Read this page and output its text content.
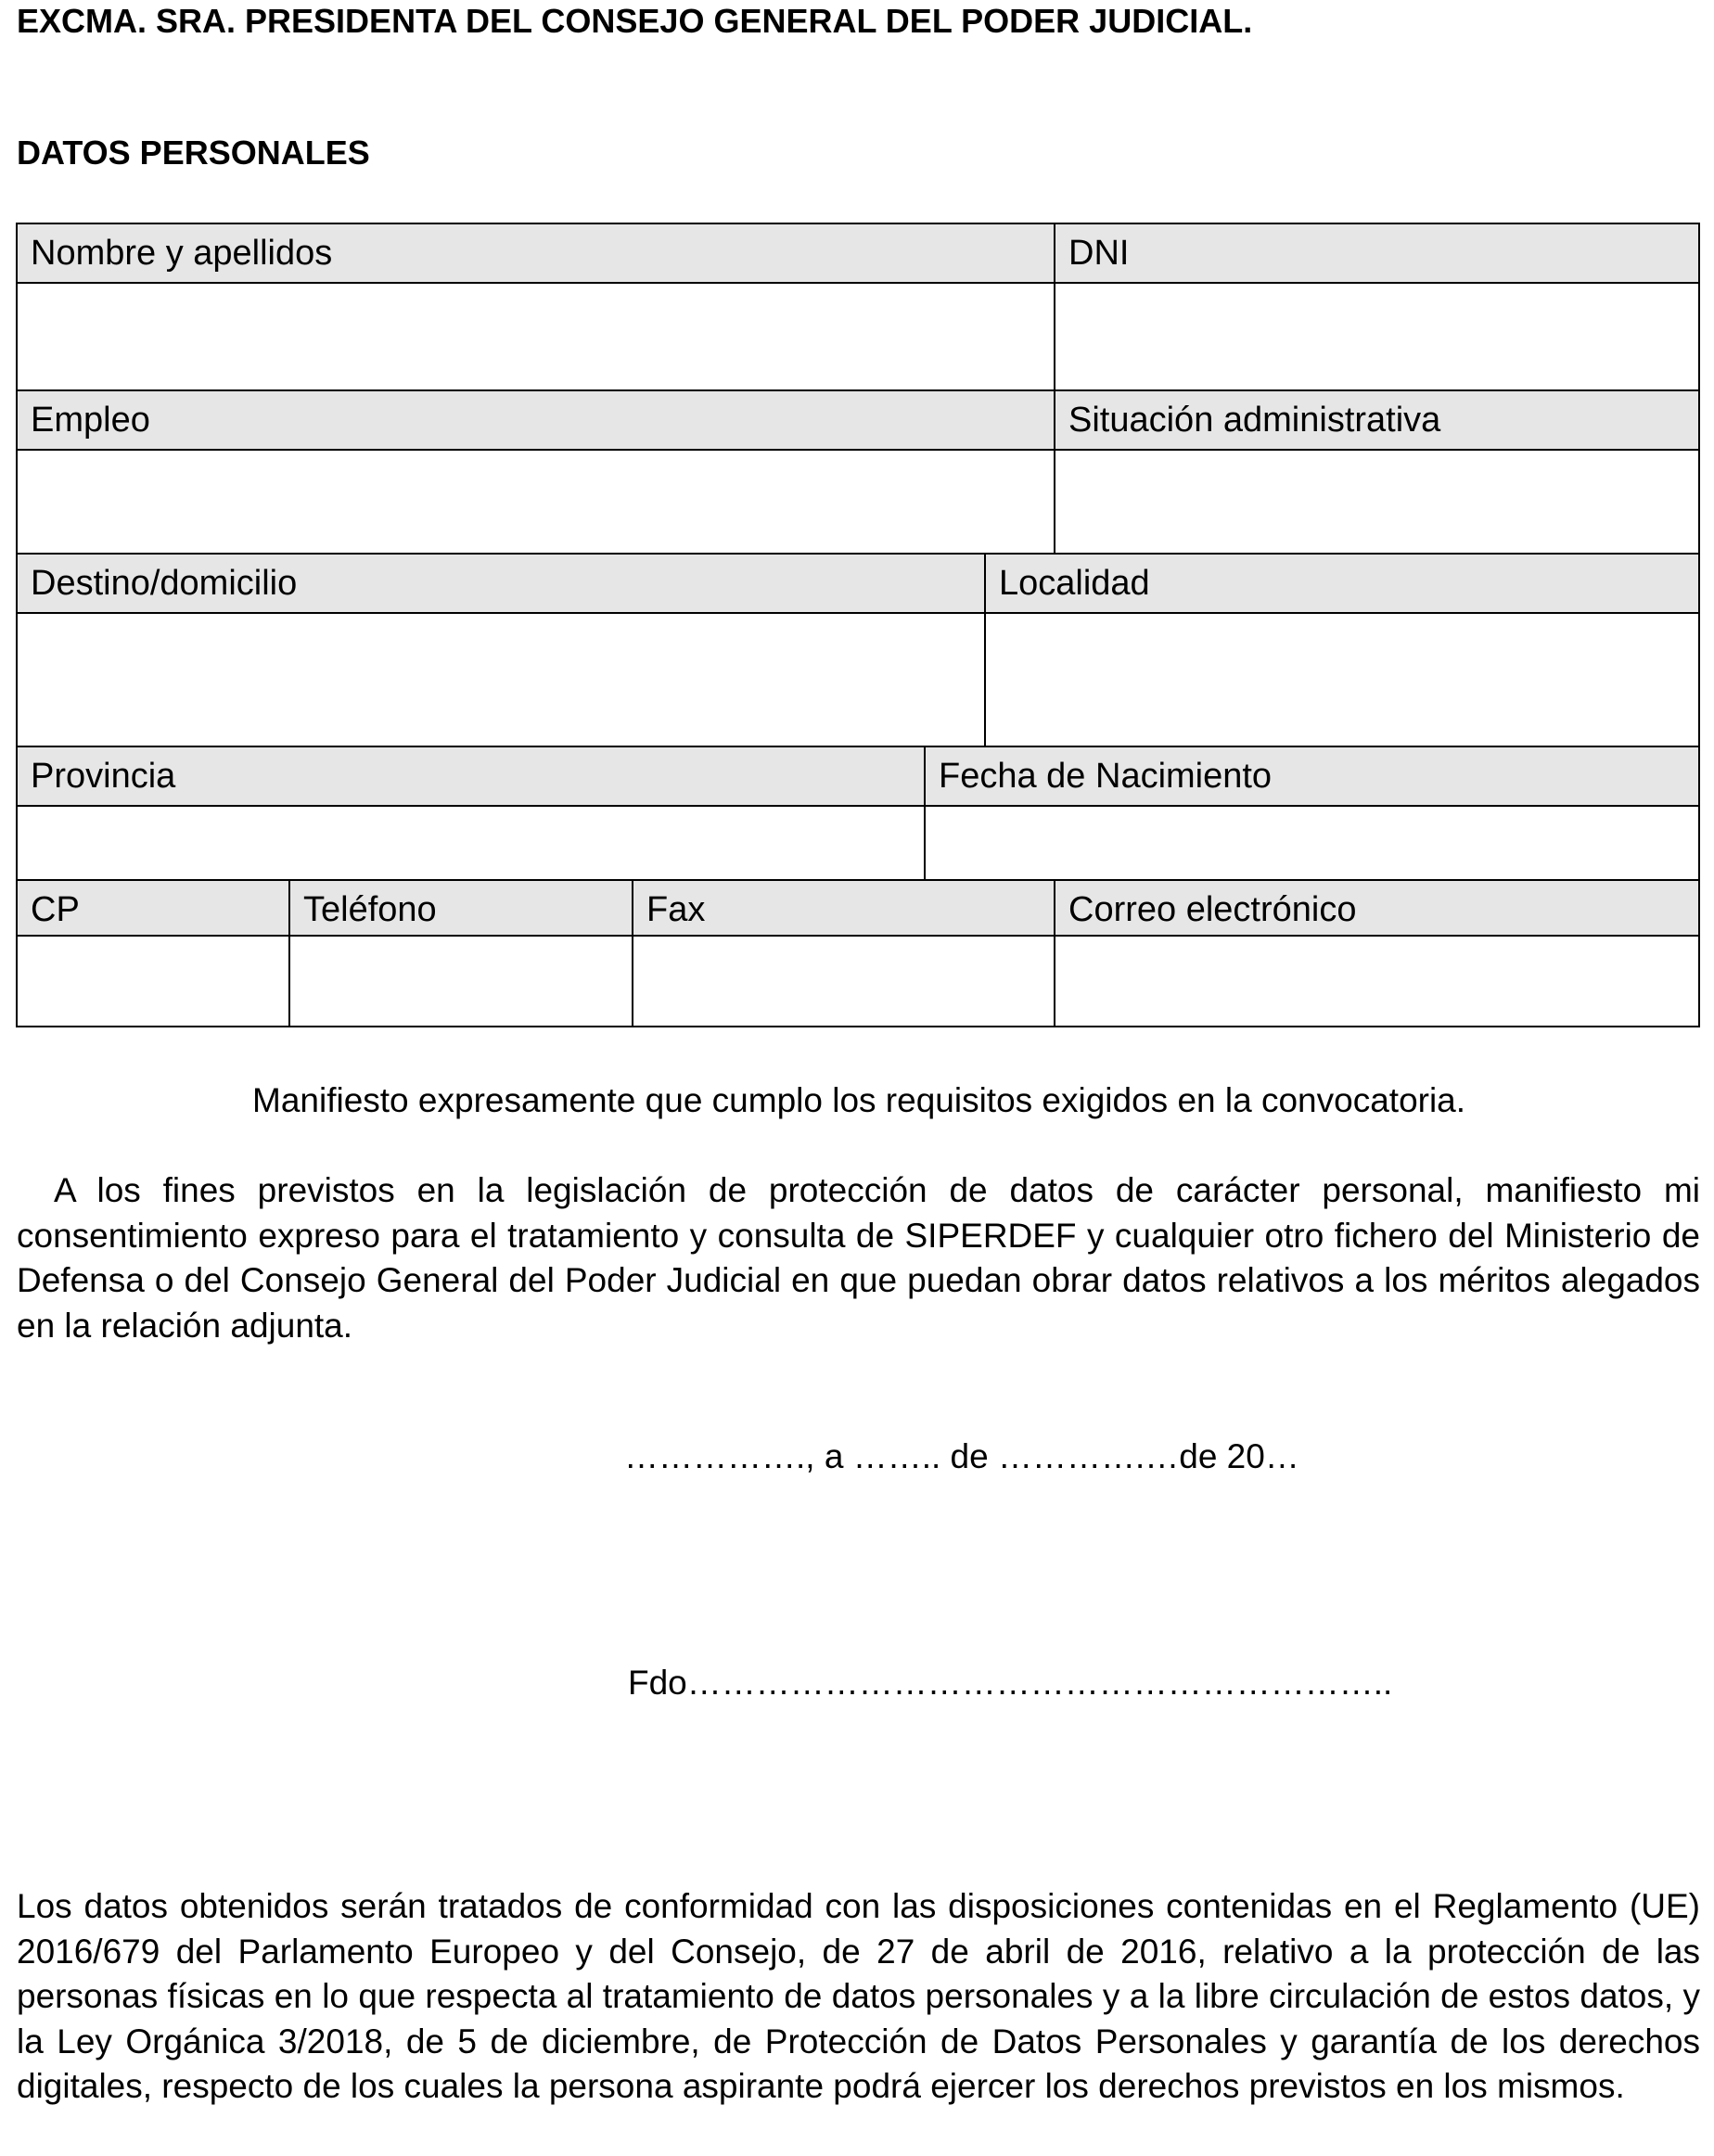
EXCMA. SRA. PRESIDENTA DEL CONSEJO GENERAL DEL PODER JUDICIAL.
DATOS PERSONALES
Nombre y apellidos	DNI
Empleo	Situación administrativa
Destino/domicilio	Localidad
Provincia	Fecha de Nacimiento
CP	Teléfono	Fax	Correo electrónico
Manifiesto expresamente que cumplo los requisitos exigidos en la convocatoria.
A los fines previstos en la legislación de protección de datos de carácter personal, manifiesto mi consentimiento expreso para el tratamiento y consulta de SIPERDEF y cualquier otro fichero del Ministerio de Defensa o del Consejo General del Poder Judicial en que puedan obrar datos relativos a los méritos alegados en la relación adjunta.
……………., a …….. de ………….…de 20…
Fdo……………………………………………………..
Los datos obtenidos serán tratados de conformidad con las disposiciones contenidas en el Reglamento (UE) 2016/679 del Parlamento Europeo y del Consejo, de 27 de abril de 2016, relativo a la protección de las personas físicas en lo que respecta al tratamiento de datos personales y a la libre circulación de estos datos, y la Ley Orgánica 3/2018, de 5 de diciembre, de Protección de Datos Personales y garantía de los derechos digitales, respecto de los cuales la persona aspirante podrá ejercer los derechos previstos en los mismos.
